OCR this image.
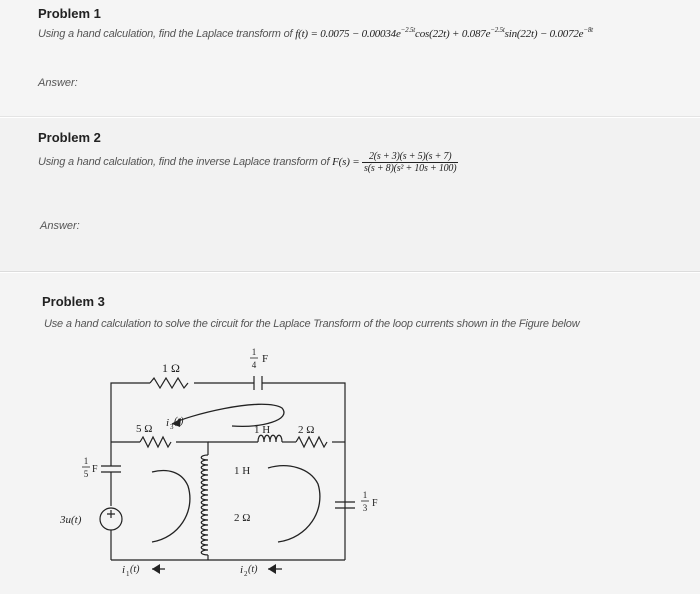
Problem 1
Using a hand calculation, find the Laplace transform of $f(t) = 0.0075 - 0.00034e^{-2.5t}\cos(22t) + 0.087e^{-2.5t}\sin(22t) - 0.0072e^{-8t}$
Answer:
Problem 2
Using a hand calculation, find the inverse Laplace transform of $F(s) = \frac{2(s + 3)(s + 5)(s + 7)}{\text{s(s + 8)(s² + 10s + 100)}}$
Answer:
Problem 3
Use a hand calculation to solve the circuit for the Laplace Transform of the loop currents shown in the Figure below
1 Ω
1
4 F
5 Ω i 3 (t)
1 H	2 Ω
1
5 F
3u(t)
1 H
2 Ω
1
3 F
i 1 (t)	i 2 (t)
